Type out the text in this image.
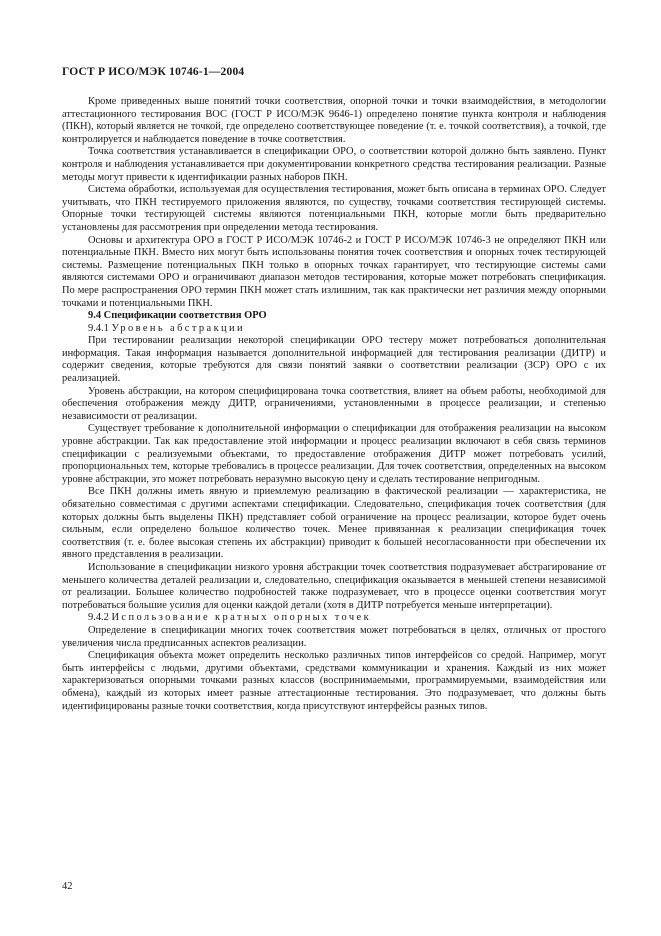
ГОСТ Р ИСО/МЭК 10746-1—2004

Кроме приведенных выше понятий точки соответствия, опорной точки и точки взаимодействия, в методологии аттестационного тестирования ВОС (ГОСТ Р ИСО/МЭК 9646-1) определено понятие пункта контроля и наблюдения (ПКН), который является не точкой, где определено соответствующее поведение (т. е. точкой соответствия), а точкой, где контролируется и наблюдается поведение в точке соответствия.

Точка соответствия устанавливается в спецификации ОРО, о соответствии которой должно быть заявлено. Пункт контроля и наблюдения устанавливается при документировании конкретного средства тестирования реализации. Разные методы могут привести к идентификации разных наборов ПКН.

Система обработки, используемая для осуществления тестирования, может быть описана в терминах ОРО. Следует учитывать, что ПКН тестируемого приложения являются, по существу, точками соответствия тестирующей системы. Опорные точки тестирующей системы являются потенциальными ПКН, которые могли быть предварительно установлены для рассмотрения при определении метода тестирования.

Основы и архитектура ОРО в ГОСТ Р ИСО/МЭК 10746-2 и ГОСТ Р ИСО/МЭК 10746-3 не определяют ПКН или потенциальные ПКН. Вместо них могут быть использованы понятия точек соответствия и опорных точек тестирующей системы. Размещение потенциальных ПКН только в опорных точках гарантирует, что тестирующие системы сами являются системами ОРО и ограничивают диапазон методов тестирования, которые может потребовать спецификация. По мере распространения ОРО термин ПКН может стать излишним, так как практически нет различия между опорными точками и потенциальными ПКН.

9.4 Спецификации соответствия ОРО
9.4.1 Уровень абстракции

При тестировании реализации некоторой спецификации ОРО тестеру может потребоваться дополнительная информация. Такая информация называется дополнительной информацией для тестирования реализации (ДИТР) и содержит сведения, которые требуются для связи понятий заявки о соответствии реализации (ЗСР) ОРО с их реализацией.

Уровень абстракции, на котором специфицирована точка соответствия, влияет на объем работы, необходимой для обеспечения отображения между ДИТР, ограничениями, установленными в процессе реализации, и степенью независимости от реализации.

Существует требование к дополнительной информации о спецификации для отображения реализации на высоком уровне абстракции. Так как предоставление этой информации и процесс реализации включают в себя связь терминов спецификации с реализуемыми объектами, то предоставление отображения ДИТР может потребовать усилий, пропорциональных тем, которые требовались в процессе реализации. Для точек соответствия, определенных на высоком уровне абстракции, это может потребовать неразумно высокую цену и сделать тестирование непригодным.

Все ПКН должны иметь явную и приемлемую реализацию в фактической реализации — характеристика, не обязательно совместимая с другими аспектами спецификации. Следовательно, спецификация точек соответствия (для которых должны быть выделены ПКН) представляет собой ограничение на процесс реализации, которое будет очень сильным, если определено большое количество точек. Менее привязанная к реализации спецификация точек соответствия (т. е. более высокая степень их абстракции) приводит к большей несогласованности при обеспечении их явного представления в реализации.

Использование в спецификации низкого уровня абстракции точек соответствия подразумевает абстрагирование от меньшего количества деталей реализации и, следовательно, спецификация оказывается в меньшей степени независимой от реализации. Большее количество подробностей также подразумевает, что в процессе оценки соответствия могут потребоваться большие усилия для оценки каждой детали (хотя в ДИТР потребуется меньше интерпретации).

9.4.2 Использование кратных опорных точек

Определение в спецификации многих точек соответствия может потребоваться в целях, отличных от простого увеличения числа предписанных аспектов реализации.

Спецификация объекта может определить несколько различных типов интерфейсов со средой. Например, могут быть интерфейсы с людьми, другими объектами, средствами коммуникации и хранения. Каждый из них может характеризоваться опорными точками разных классов (воспринимаемыми, программируемыми, взаимодействия или обмена), каждый из которых имеет разные аттестационные тестирования. Это подразумевает, что должны быть идентифицированы разные точки соответствия, когда присутствуют интерфейсы разных типов.

42
